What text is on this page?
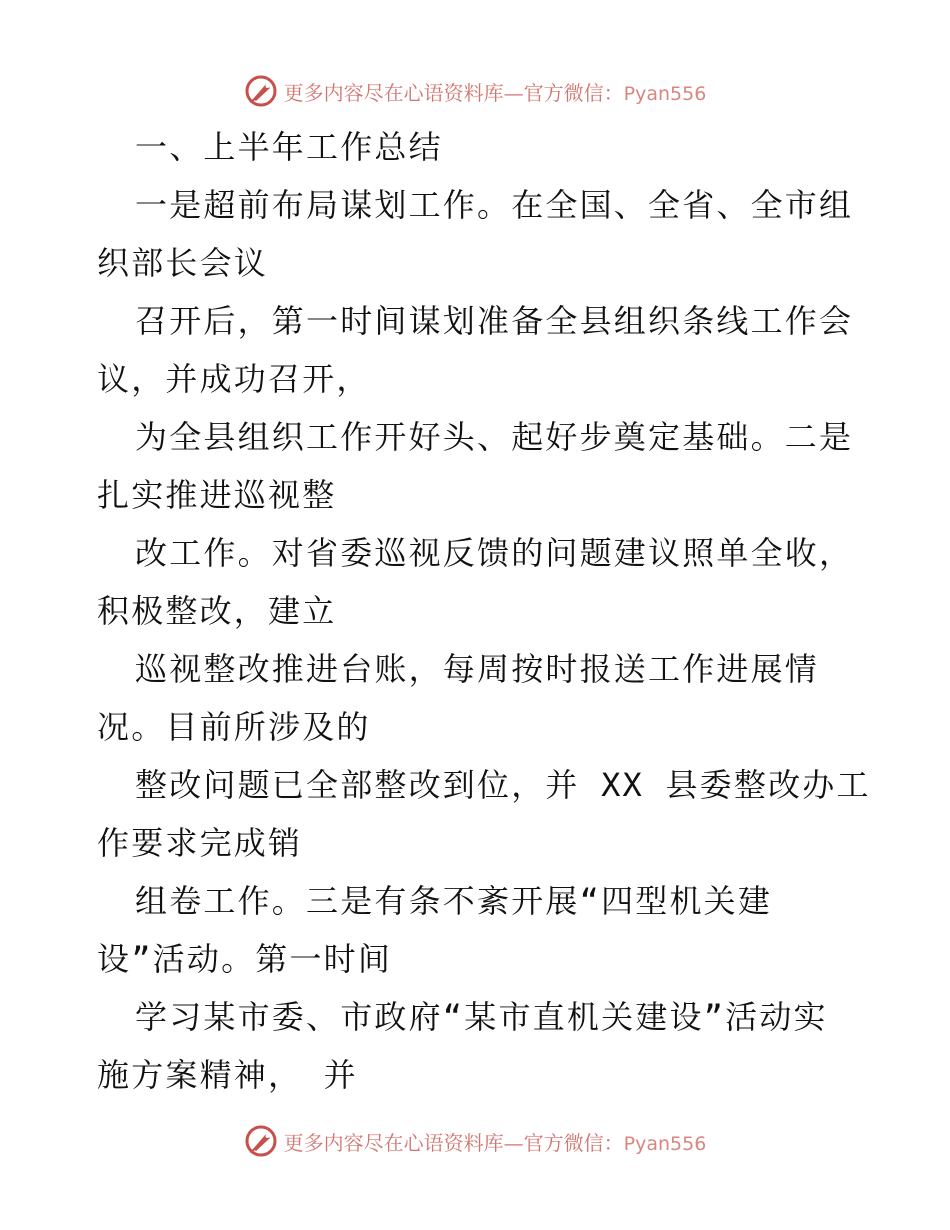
更多内容尽在心语资料库—官方微信：Pyan556
一、上半年工作总结
一是超前布局谋划工作。在全国、全省、全市组
织部长会议
召开后，第一时间谋划准备全县组织条线工作会
议，并成功召开，
为全县组织工作开好头、起好步奠定基础。二是
扎实推进巡视整
改工作。对省委巡视反馈的问题建议照单全收，
积极整改，建立
巡视整改推进台账，每周按时报送工作进展情
况。目前所涉及的
整改问题已全部整改到位，并 XX 县委整改办工
作要求完成销
组卷工作。三是有条不紊开展“四型机关建
设”活动。第一时间
学习某市委、市政府“某市直机关建设”活动实
施方案精神， 并
更多内容尽在心语资料库—官方微信：Pyan556
